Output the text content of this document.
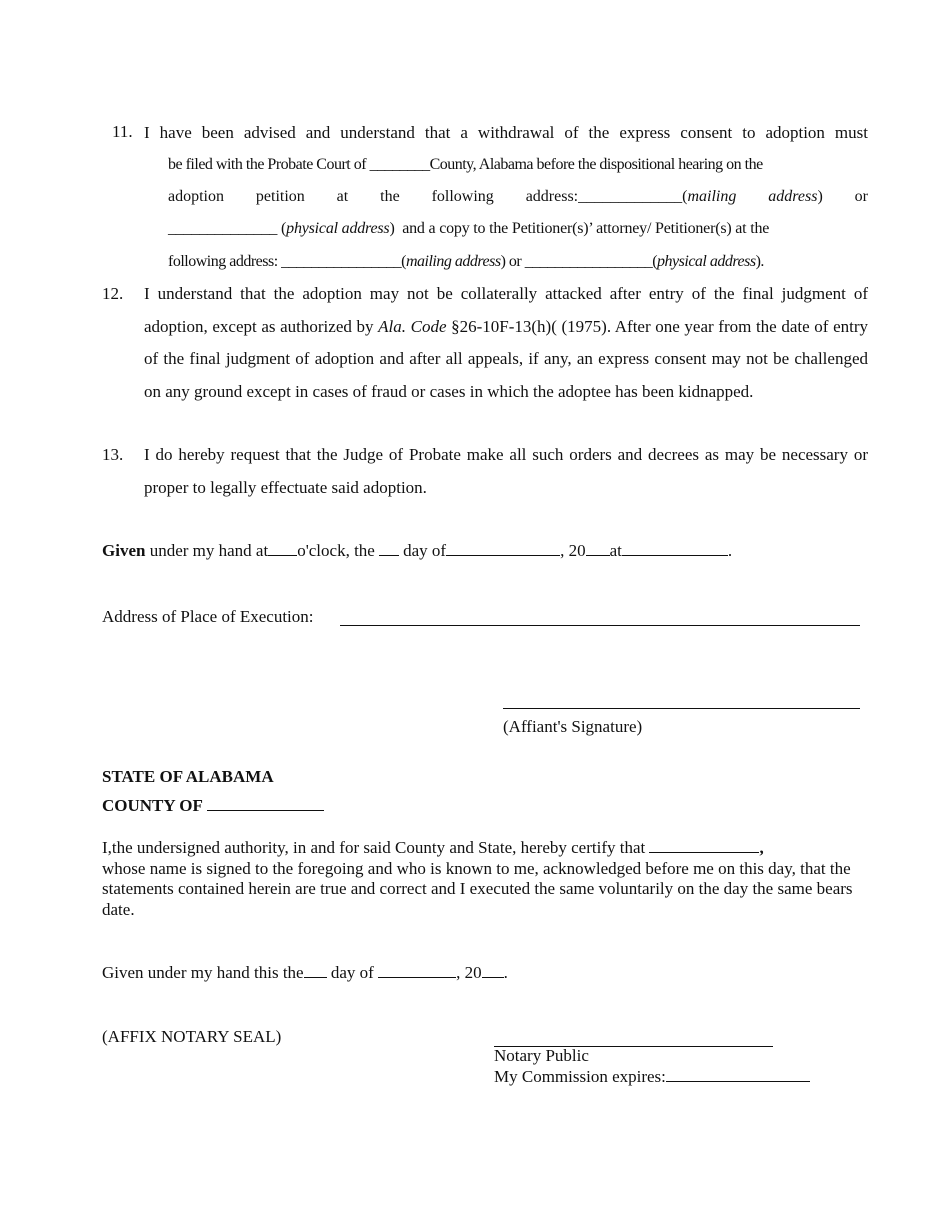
11. I have been advised and understand that a withdrawal of the express consent to adoption must
be filed with the Probate Court of ________County, Alabama before the dispositional hearing on the
adoption petition at the following address:_____________(mailing address) or
______________ (physical address)  and a copy to the Petitioner(s)’ attorney/ Petitioner(s) at the
following address: ________________(mailing address) or _________________(physical address).
12. I understand that the adoption may not be collaterally attacked after entry of the final judgment of adoption, except as authorized by Ala. Code §26-10F-13(h)( (1975). After one year from the date of entry of the final judgment of adoption and after all appeals, if any, an express consent may not be challenged on any ground except in cases of fraud or cases in which the adoptee has been kidnapped.
13. I do hereby request that the Judge of Probate make all such orders and decrees as may be necessary or proper to legally effectuate said adoption.
Given under my hand at o'clock, the day of	, 20 at	.
Address of Place of Execution:
(Affiant's Signature)
STATE OF ALABAMA
COUNTY OF
I,the undersigned authority, in and for said County and State, hereby certify that	,
whose name is signed to the foregoing and who is known to me, acknowledged before me on this day, that the statements contained herein are true and correct and I executed the same voluntarily on the day the same bears date.
Given under my hand this the day of	, 20 .
(AFFIX NOTARY SEAL)
Notary Public
My Commission expires:
